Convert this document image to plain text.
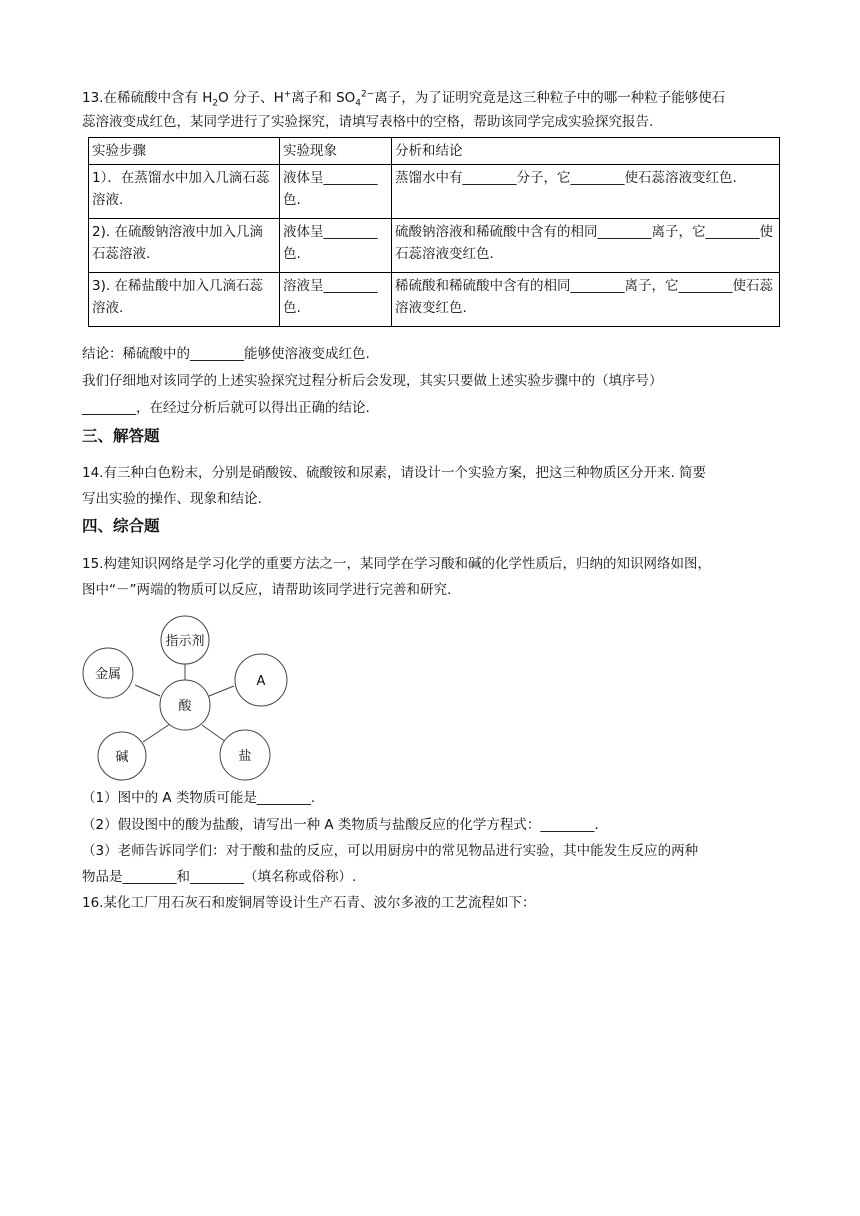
13.在稀硫酸中含有 $H_2O$ 分子、H+离子和 $SO_4^{2-}$离子，为了证明究竟是这三种粒子中的哪一种粒子能够使石
蕊溶液变成红色，某同学进行了实验探究，请填写表格中的空格，帮助该同学完成实验探究报告.
实验步骤	实验现象	分析和结论
1）．在蒸馏水中加入几滴石蕊溶液.	液体呈________色.	蒸馏水中有________分子，它________使石蕊溶液变红色.
2). 在硫酸钠溶液中加入几滴石蕊溶液.	液体呈________色.	硫酸钠溶液和稀硫酸中含有的相同________离子，它________使石蕊溶液变红色.
3). 在稀盐酸中加入几滴石蕊溶液.	溶液呈________色.	稀硫酸和稀硫酸中含有的相同________离子，它________使石蕊溶液变红色.
结论：稀硫酸中的________能够使溶液变成红色.
我们仔细地对该同学的上述实验探究过程分析后会发现，其实只要做上述实验步骤中的（填序号）
________，在经过分析后就可以得出正确的结论.
三、解答题
14.有三种白色粉末，分别是硝酸铵、硫酸铵和尿素，请设计一个实验方案，把这三种物质区分开来. 简要
写出实验的操作、现象和结论.
四、综合题
15.构建知识网络是学习化学的重要方法之一，某同学在学习酸和碱的化学性质后，归纳的知识网络如图，
图中“－”两端的物质可以反应，请帮助该同学进行完善和研究.
指示剂
金属	A
酸
碱	盐
（1）图中的 A 类物质可能是________.
（2）假设图中的酸为盐酸，请写出一种 A 类物质与盐酸反应的化学方程式：________.
（3）老师告诉同学们：对于酸和盐的反应，可以用厨房中的常见物品进行实验，其中能发生反应的两种
物品是________和________（填名称或俗称）.
16.某化工厂用石灰石和废铜屑等设计生产石青、波尔多液的工艺流程如下：
